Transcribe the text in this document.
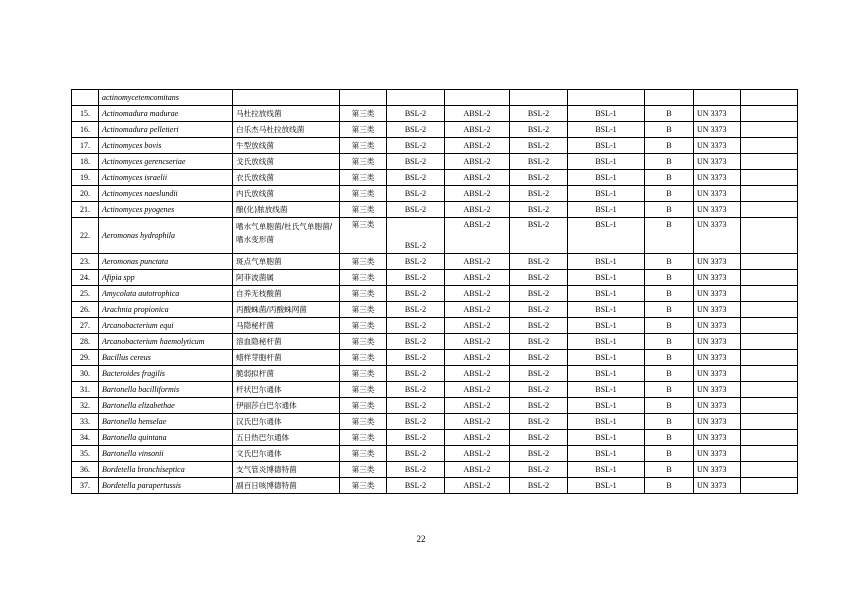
	actinomycetemcomitans									
15.	Actinomadura madurae	马杜拉放线菌	第三类	BSL-2	ABSL-2	BSL-2	BSL-1	B	UN 3373	
16.	Actinomadura pelletieri	白乐杰马杜拉放线菌	第三类	BSL-2	ABSL-2	BSL-2	BSL-1	B	UN 3373	
17.	Actinomyces bovis	牛型放线菌	第三类	BSL-2	ABSL-2	BSL-2	BSL-1	B	UN 3373	
18.	Actinomyces gerencseriae	戈氏放线菌	第三类	BSL-2	ABSL-2	BSL-2	BSL-1	B	UN 3373	
19.	Actinomyces israelii	衣氏放线菌	第三类	BSL-2	ABSL-2	BSL-2	BSL-1	B	UN 3373	
20.	Actinomyces naeslundii	内氏放线菌	第三类	BSL-2	ABSL-2	BSL-2	BSL-1	B	UN 3373	
21.	Actinomyces pyogenes	酿(化)脓放线菌	第三类	BSL-2	ABSL-2	BSL-2	BSL-1	B	UN 3373	
22.	Aeromonas hydrophila	嗜水气单胞菌/杜氏气单胞菌/嗜水变形菌	第三类	BSL-2	ABSL-2	BSL-2	BSL-1	B	UN 3373	
23.	Aeromonas punctata	斑点气单胞菌	第三类	BSL-2	ABSL-2	BSL-2	BSL-1	B	UN 3373	
24.	Afipia spp	阿菲波菌属	第三类	BSL-2	ABSL-2	BSL-2	BSL-1	B	UN 3373	
25.	Amycolata autotrophica	自养无枝酸菌	第三类	BSL-2	ABSL-2	BSL-2	BSL-1	B	UN 3373	
26.	Arachnia propionica	丙酸蛛菌/丙酸蛛网菌	第三类	BSL-2	ABSL-2	BSL-2	BSL-1	B	UN 3373	
27.	Arcanobacterium equi	马隐秘杆菌	第三类	BSL-2	ABSL-2	BSL-2	BSL-1	B	UN 3373	
28.	Arcanobacterium haemolyticum	溶血隐秘杆菌	第三类	BSL-2	ABSL-2	BSL-2	BSL-1	B	UN 3373	
29.	Bacillus cereus	蜡样芽胞杆菌	第三类	BSL-2	ABSL-2	BSL-2	BSL-1	B	UN 3373	
30.	Bacteroides fragilis	脆弱拟杆菌	第三类	BSL-2	ABSL-2	BSL-2	BSL-1	B	UN 3373	
31.	Bartonella bacilliformis	杆状巴尔通体	第三类	BSL-2	ABSL-2	BSL-2	BSL-1	B	UN 3373	
32.	Bartonella elizabethae	伊丽莎白巴尔通体	第三类	BSL-2	ABSL-2	BSL-2	BSL-1	B	UN 3373	
33.	Bartonella henselae	汉氏巴尔通体	第三类	BSL-2	ABSL-2	BSL-2	BSL-1	B	UN 3373	
34.	Bartonella quintana	五日热巴尔通体	第三类	BSL-2	ABSL-2	BSL-2	BSL-1	B	UN 3373	
35.	Bartonella vinsonii	文氏巴尔通体	第三类	BSL-2	ABSL-2	BSL-2	BSL-1	B	UN 3373	
36.	Bordetella bronchiseptica	支气管炎博德特菌	第三类	BSL-2	ABSL-2	BSL-2	BSL-1	B	UN 3373	
37.	Bordetella parapertussis	副百日咳博德特菌	第三类	BSL-2	ABSL-2	BSL-2	BSL-1	B	UN 3373	
22
